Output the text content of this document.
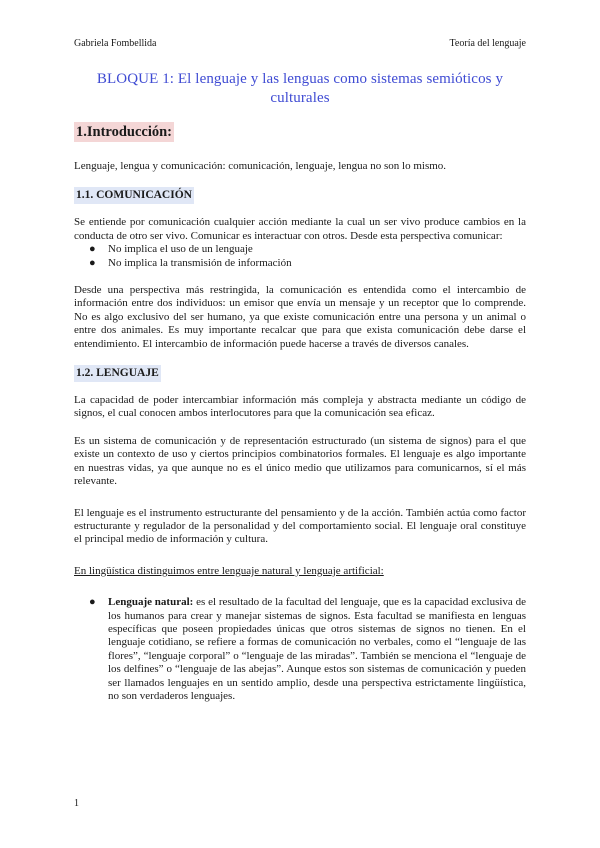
Gabriela Fombellida	Teoría del lenguaje
BLOQUE 1: El lenguaje y las lenguas como sistemas semióticos y culturales
1.Introducción:

Lenguaje, lengua y comunicación: comunicación, lenguaje, lengua no son lo mismo.

1.1. COMUNICACIÓN

Se entiende por comunicación cualquier acción mediante la cual un ser vivo produce cambios en la conducta de otro ser vivo. Comunicar es interactuar con otros. Desde esta perspectiva comunicar:

● No implica el uso de un lenguaje
● No implica la transmisión de información

Desde una perspectiva más restringida, la comunicación es entendida como el intercambio de información entre dos individuos: un emisor que envía un mensaje y un receptor que lo comprende. No es algo exclusivo del ser humano, ya que existe comunicación entre una persona y un animal o entre dos animales. Es muy importante recalcar que para que exista comunicación debe darse el entendimiento. El intercambio de información puede hacerse a través de diversos canales.

1.2. LENGUAJE

La capacidad de poder intercambiar información más compleja y abstracta mediante un código de signos, el cual conocen ambos interlocutores para que la comunicación sea eficaz.

Es un sistema de comunicación y de representación estructurado (un sistema de signos) para el que existe un contexto de uso y ciertos principios combinatorios formales. El lenguaje es algo importante en nuestras vidas, ya que aunque no es el único medio que utilizamos para comunicarnos, sí el más relevante.

El lenguaje es el instrumento estructurante del pensamiento y de la acción. También actúa como factor estructurante y regulador de la personalidad y del comportamiento social. El lenguaje oral constituye el principal medio de información y cultura.

En lingüística distinguimos entre lenguaje natural y lenguaje artificial:

● Lenguaje natural: es el resultado de la facultad del lenguaje, que es la capacidad exclusiva de los humanos para crear y manejar sistemas de signos. Esta facultad se manifiesta en lenguas específicas que poseen propiedades únicas que otros sistemas de signos no tienen. En el lenguaje cotidiano, se refiere a formas de comunicación no verbales, como el “lenguaje de las flores”, “lenguaje corporal” o “lenguaje de las miradas”. También se menciona el “lenguaje de los delfines” o “lenguaje de las abejas”. Aunque estos son sistemas de comunicación y pueden ser llamados lenguajes en un sentido amplio, desde una perspectiva estrictamente lingüística, no son verdaderos lenguajes.
1
